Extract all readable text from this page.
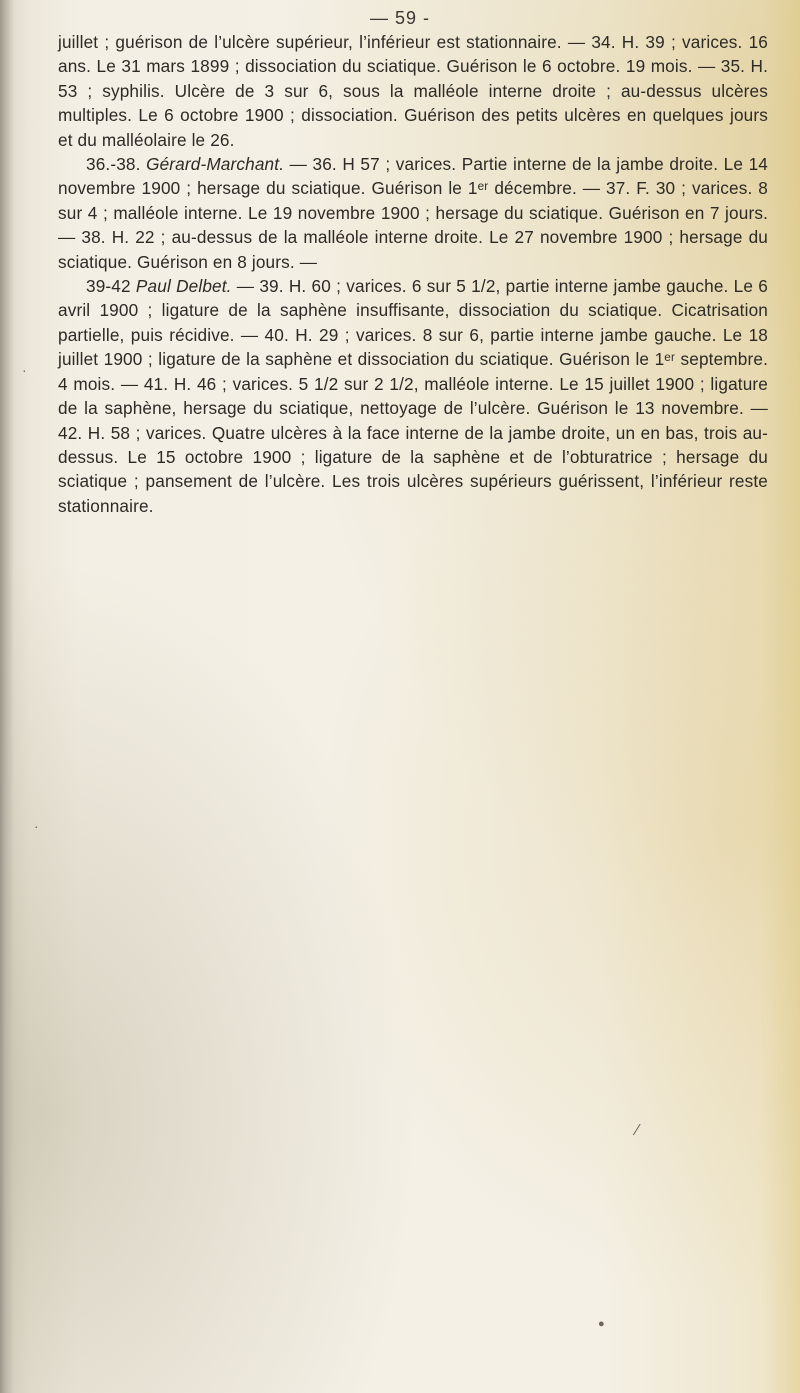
— 59 -

juillet ; guérison de l’ulcère supérieur, l’inférieur est stationnaire. — 34. H. 39 ; varices. 16 ans. Le 31 mars 1899 ; dissociation du sciatique. Guérison le 6 octobre. 19 mois. — 35. H. 53 ; syphilis. Ulcère de 3 sur 6, sous la malléole interne droite ; au-dessus ulcères multiples. Le 6 octobre 1900 ; dissociation. Guérison des petits ulcères en quelques jours et du malléolaire le 26.

36.-38. Gérard-Marchant. — 36. H 57 ; varices. Partie interne de la jambe droite. Le 14 novembre 1900 ; hersage du sciatique. Guérison le 1ᵉʳ décembre. — 37. F. 30 ; varices. 8 sur 4 ; malléole interne. Le 19 novembre 1900 ; hersage du sciatique. Guérison en 7 jours. — 38. H. 22 ; au-dessus de la malléole interne droite. Le 27 novembre 1900 ; hersage du sciatique. Guérison en 8 jours. —

39-42 Paul Delbet. — 39. H. 60 ; varices. 6 sur 5 1/2, partie interne jambe gauche. Le 6 avril 1900 ; ligature de la saphène insuffisante, dissociation du sciatique. Cicatrisation partielle, puis récidive. — 40. H. 29 ; varices. 8 sur 6, partie interne jambe gauche. Le 18 juillet 1900 ; ligature de la saphène et dissociation du sciatique. Guérison le 1ᵉʳ septembre. 4 mois. — 41. H. 46 ; varices. 5 1/2 sur 2 1/2, malléole interne. Le 15 juillet 1900 ; ligature de la saphène, hersage du sciatique, nettoyage de l’ulcère. Guérison le 13 novembre. — 42. H. 58 ; varices. Quatre ulcères à la face interne de la jambe droite, un en bas, trois au-dessus. Le 15 octobre 1900 ; ligature de la saphène et de l’obturatrice ; hersage du sciatique ; pansement de l’ulcère. Les trois ulcères supérieurs guérissent, l’inférieur reste stationnaire.

·
·
⁄
●
